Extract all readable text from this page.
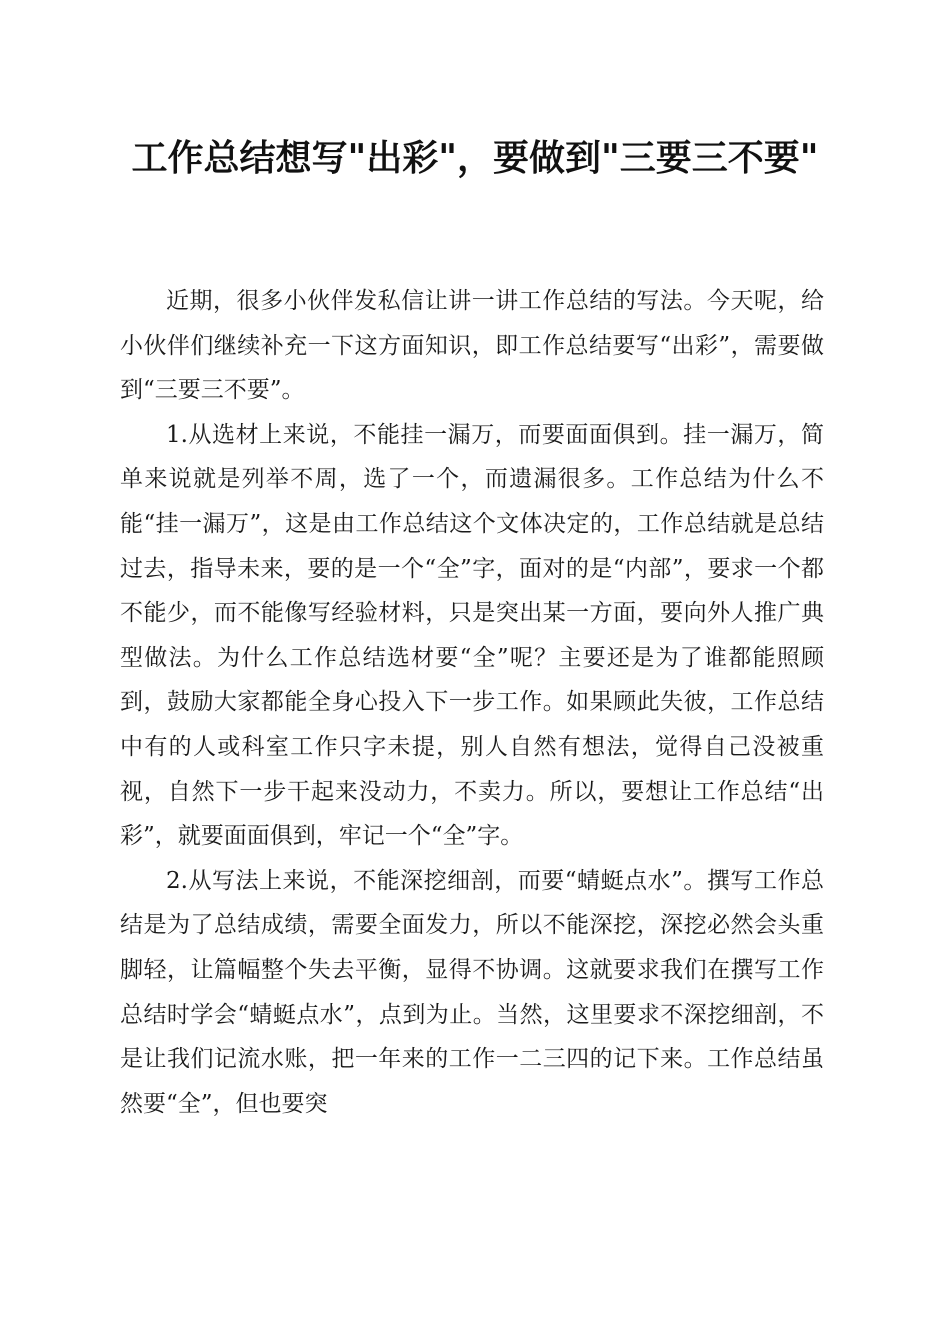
工作总结想写"出彩"，要做到"三要三不要"

近期，很多小伙伴发私信让讲一讲工作总结的写法。今天呢，给小伙伴们继续补充一下这方面知识，即工作总结要写“出彩”，需要做到“三要三不要”。

1.从选材上来说，不能挂一漏万，而要面面俱到。挂一漏万，简单来说就是列举不周，选了一个，而遗漏很多。工作总结为什么不能“挂一漏万”，这是由工作总结这个文体决定的，工作总结就是总结过去，指导未来，要的是一个“全”字，面对的是“内部”，要求一个都不能少，而不能像写经验材料，只是突出某一方面，要向外人推广典型做法。为什么工作总结选材要“全”呢？主要还是为了谁都能照顾到，鼓励大家都能全身心投入下一步工作。如果顾此失彼，工作总结中有的人或科室工作只字未提，别人自然有想法，觉得自己没被重视，自然下一步干起来没动力，不卖力。所以，要想让工作总结“出彩”，就要面面俱到，牢记一个“全”字。

2.从写法上来说，不能深挖细剖，而要“蜻蜓点水”。撰写工作总结是为了总结成绩，需要全面发力，所以不能深挖，深挖必然会头重脚轻，让篇幅整个失去平衡，显得不协调。这就要求我们在撰写工作总结时学会“蜻蜓点水”，点到为止。当然，这里要求不深挖细剖，不是让我们记流水账，把一年来的工作一二三四的记下来。工作总结虽然要“全”，但也要突
